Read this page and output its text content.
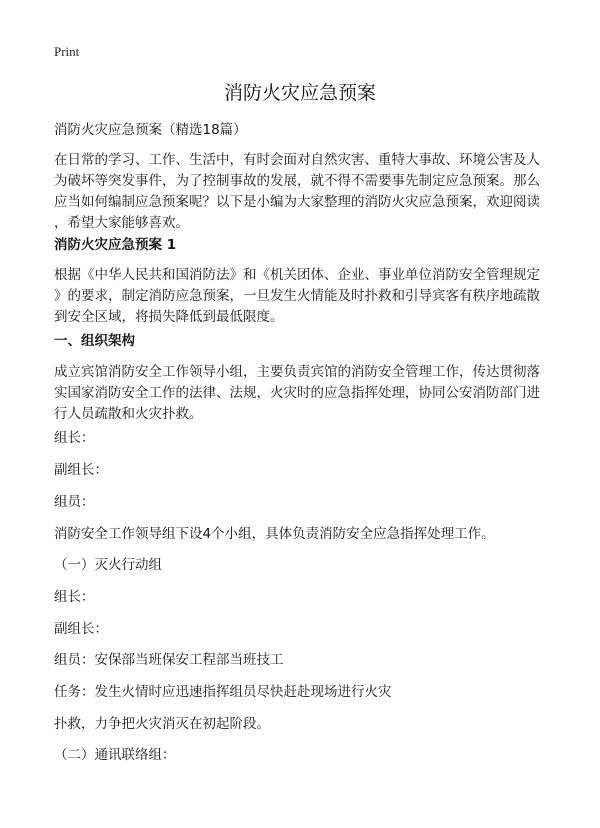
Print
消防火灾应急预案
消防火灾应急预案（精选18篇）
在日常的学习、工作、生活中，有时会面对自然灾害、重特大事故、环境公害及人
为破坏等突发事件，为了控制事故的发展，就不得不需要事先制定应急预案。那么
应当如何编制应急预案呢？以下是小编为大家整理的消防火灾应急预案，欢迎阅读
，希望大家能够喜欢。
消防火灾应急预案 1
根据《中华人民共和国消防法》和《机关团体、企业、事业单位消防安全管理规定
》的要求，制定消防应急预案，一旦发生火情能及时扑救和引导宾客有秩序地疏散
到安全区域，将损失降低到最低限度。
一、组织架构
成立宾馆消防安全工作领导小组，主要负责宾馆的消防安全管理工作，传达贯彻落
实国家消防安全工作的法律、法规，火灾时的应急指挥处理，协同公安消防部门进
行人员疏散和火灾扑救。
组长：
副组长：
组员：
消防安全工作领导组下设4个小组，具体负责消防安全应急指挥处理工作。
（一）灭火行动组
组长：
副组长：
组员：安保部当班保安工程部当班技工
任务：发生火情时应迅速指挥组员尽快赶赴现场进行火灾
扑救，力争把火灾消灭在初起阶段。
（二）通讯联络组：
